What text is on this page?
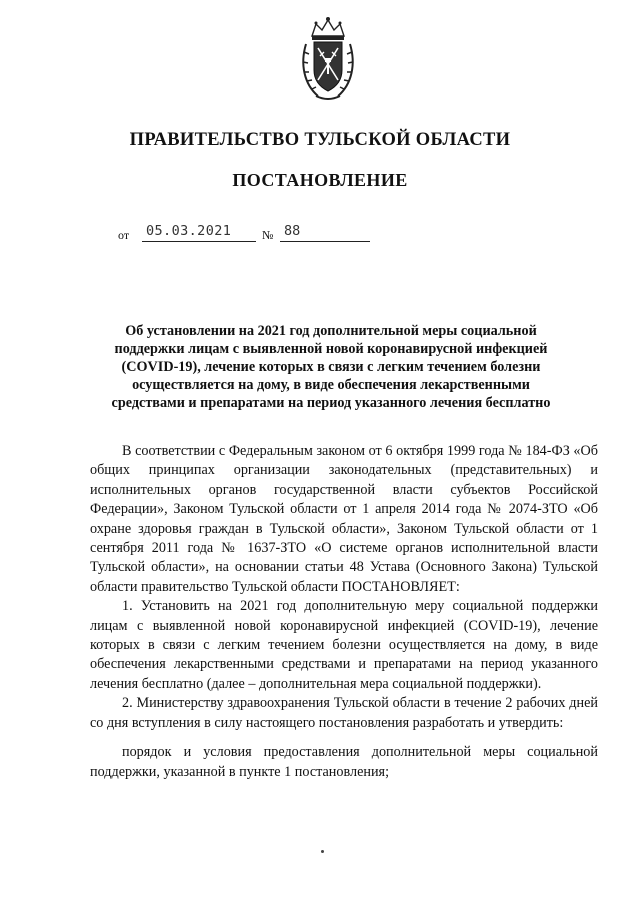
ПРАВИТЕЛЬСТВО ТУЛЬСКОЙ ОБЛАСТИ
ПОСТАНОВЛЕНИЕ
от 05.03.2021	№ 88
Об установлении на 2021 год дополнительной меры социальной
поддержки лицам с выявленной новой коронавирусной инфекцией
(COVID-19), лечение которых в связи с легким течением болезни
осуществляется на дому, в виде обеспечения лекарственными
средствами и препаратами на период указанного лечения бесплатно

В соответствии с Федеральным законом от 6 октября 1999 года № 184-ФЗ «Об общих принципах организации законодательных (представительных) и исполнительных органов государственной власти субъектов Российской Федерации», Законом Тульской области от 1 апреля 2014 года № 2074-ЗТО «Об охране здоровья граждан в Тульской области», Законом Тульской области от 1 сентября 2011 года № 1637-ЗТО «О системе органов исполнительной власти Тульской области», на основании статьи 48 Устава (Основного Закона) Тульской области правительство Тульской области ПОСТАНОВЛЯЕТ:

1. Установить на 2021 год дополнительную меру социальной поддержки лицам с выявленной новой коронавирусной инфекцией (COVID-19), лечение которых в связи с легким течением болезни осуществляется на дому, в виде обеспечения лекарственными средствами и препаратами на период указанного лечения бесплатно (далее – дополнительная мера социальной поддержки).

2. Министерству здравоохранения Тульской области в течение 2 рабочих дней со дня вступления в силу настоящего постановления разработать и утвердить:

порядок и условия предоставления дополнительной меры социальной поддержки, указанной в пункте 1 постановления;
